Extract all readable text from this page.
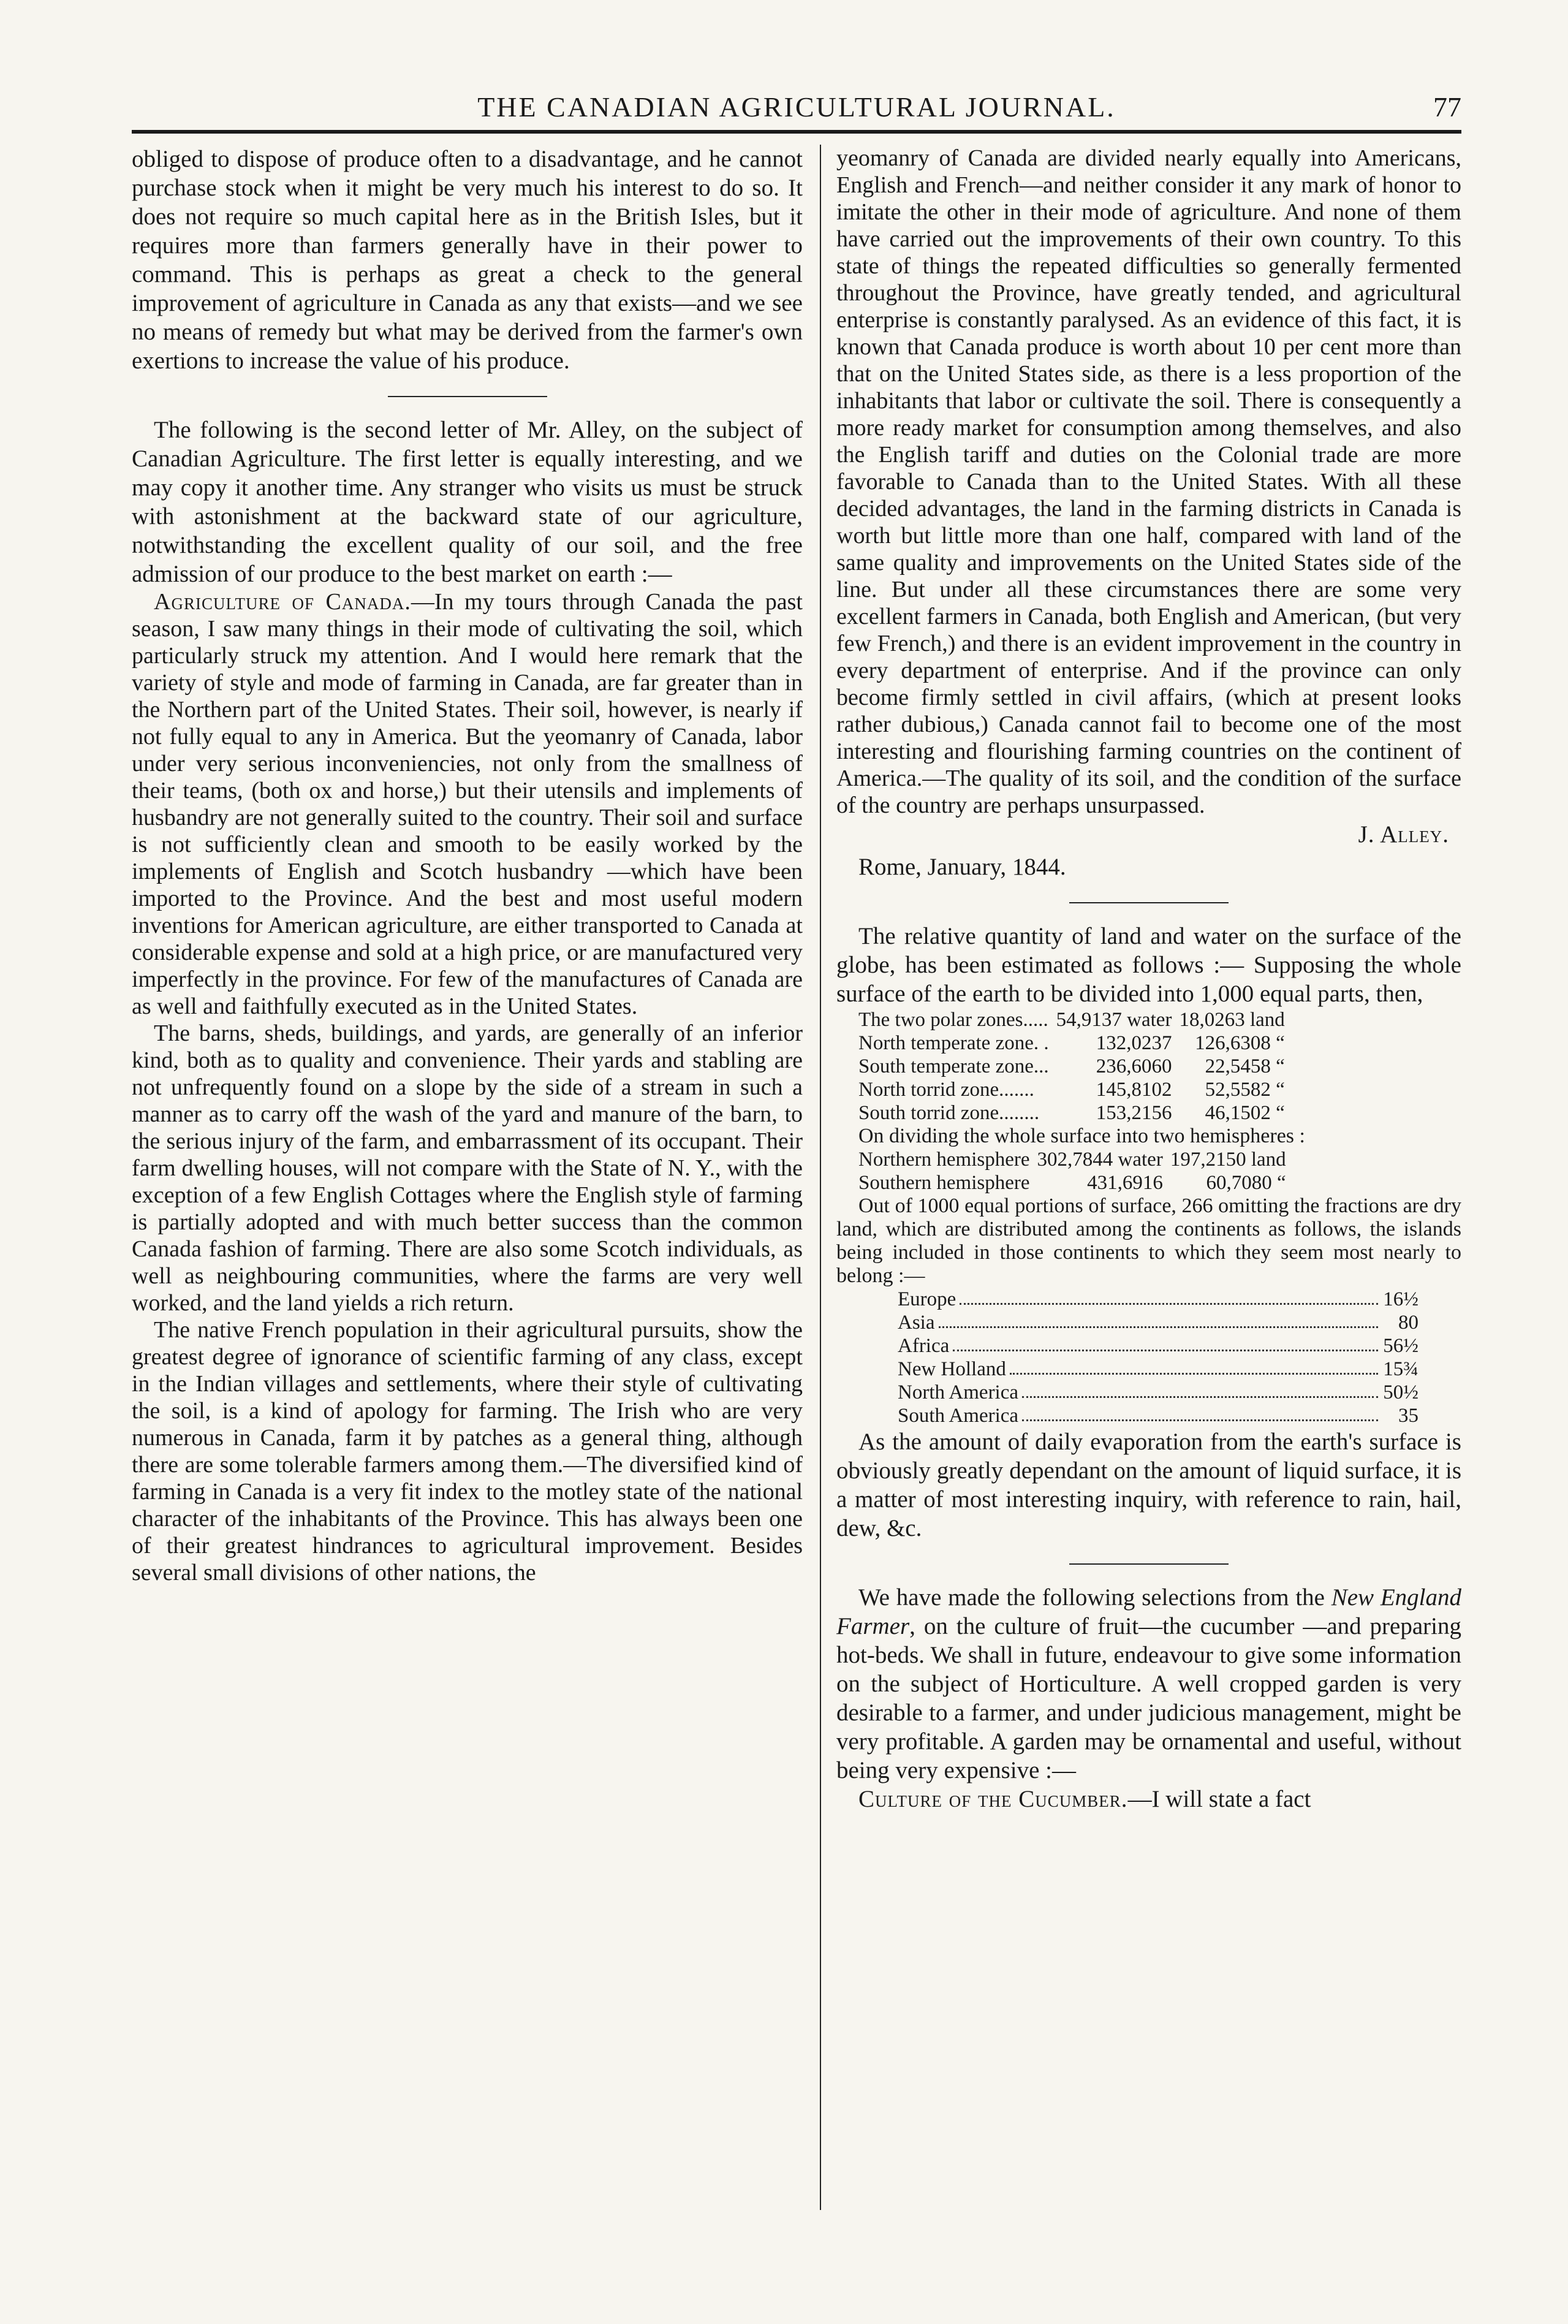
THE CANADIAN AGRICULTURAL JOURNAL.	77

obliged to dispose of produce often to a disadvantage, and he cannot purchase stock when it might be very much his interest to do so. It does not require so much capital here as in the British Isles, but it requires more than farmers generally have in their power to command. This is perhaps as great a check to the general improvement of agriculture in Canada as any that exists—and we see no means of remedy but what may be derived from the farmer's own exertions to increase the value of his produce.

The following is the second letter of Mr. Alley, on the subject of Canadian Agriculture. The first letter is equally interesting, and we may copy it another time. Any stranger who visits us must be struck with astonishment at the backward state of our agriculture, notwithstanding the excellent quality of our soil, and the free admission of our produce to the best market on earth :—

Agriculture of Canada.—In my tours through Canada the past season, I saw many things in their mode of cultivating the soil, which particularly struck my attention. And I would here remark that the variety of style and mode of farming in Canada, are far greater than in the Northern part of the United States. Their soil, however, is nearly if not fully equal to any in America. But the yeomanry of Canada, labor under very serious inconveniencies, not only from the smallness of their teams, (both ox and horse,) but their utensils and implements of husbandry are not generally suited to the country. Their soil and surface is not sufficiently clean and smooth to be easily worked by the implements of English and Scotch husbandry —which have been imported to the Province. And the best and most useful modern inventions for American agriculture, are either transported to Canada at considerable expense and sold at a high price, or are manufactured very imperfectly in the province. For few of the manufactures of Canada are as well and faithfully executed as in the United States.

The barns, sheds, buildings, and yards, are generally of an inferior kind, both as to quality and convenience. Their yards and stabling are not unfrequently found on a slope by the side of a stream in such a manner as to carry off the wash of the yard and manure of the barn, to the serious injury of the farm, and embarrassment of its occupant. Their farm dwelling houses, will not compare with the State of N. Y., with the exception of a few English Cottages where the English style of farming is partially adopted and with much better success than the common Canada fashion of farming. There are also some Scotch individuals, as well as neighbouring communities, where the farms are very well worked, and the land yields a rich return.

The native French population in their agricultural pursuits, show the greatest degree of ignorance of scientific farming of any class, except in the Indian villages and settlements, where their style of cultivating the soil, is a kind of apology for farming. The Irish who are very numerous in Canada, farm it by patches as a general thing, although there are some tolerable farmers among them.—The diversified kind of farming in Canada is a very fit index to the motley state of the national character of the inhabitants of the Province. This has always been one of their greatest hindrances to agricultural improvement. Besides several small divisions of other nations, the

yeomanry of Canada are divided nearly equally into Americans, English and French—and neither consider it any mark of honor to imitate the other in their mode of agriculture. And none of them have carried out the improvements of their own country. To this state of things the repeated difficulties so generally fermented throughout the Province, have greatly tended, and agricultural enterprise is constantly paralysed. As an evidence of this fact, it is known that Canada produce is worth about 10 per cent more than that on the United States side, as there is a less proportion of the inhabitants that labor or cultivate the soil. There is consequently a more ready market for consumption among themselves, and also the English tariff and duties on the Colonial trade are more favorable to Canada than to the United States. With all these decided advantages, the land in the farming districts in Canada is worth but little more than one half, compared with land of the same quality and improvements on the United States side of the line. But under all these circumstances there are some very excellent farmers in Canada, both English and American, (but very few French,) and there is an evident improvement in the country in every department of enterprise. And if the province can only become firmly settled in civil affairs, (which at present looks rather dubious,) Canada cannot fail to become one of the most interesting and flourishing farming countries on the continent of America.—The quality of its soil, and the condition of the surface of the country are perhaps unsurpassed.

J. Alley.
Rome, January, 1844.

The relative quantity of land and water on the surface of the globe, has been estimated as follows :— Supposing the whole surface of the earth to be divided into 1,000 equal parts, then,

The two polar zones.....	54,9137 water	18,0263 land
North temperate zone. .	132,0237	126,6308 “
South temperate zone...	236,6060	22,5458 “
North torrid zone.......	145,8102	52,5582 “
South torrid zone........	153,2156	46,1502 “
On dividing the whole surface into two hemispheres :
Northern hemisphere	302,7844 water	197,2150 land
Southern hemisphere	431,6916	60,7080 “

Out of 1000 equal portions of surface, 266 omitting the fractions are dry land, which are distributed among the continents as follows, the islands being included in those continents to which they seem most nearly to belong :—

Europe	16½
Asia	80
Africa	56½
New Holland	15¾
North America	50½
South America	35

As the amount of daily evaporation from the earth's surface is obviously greatly dependant on the amount of liquid surface, it is a matter of most interesting inquiry, with reference to rain, hail, dew, &c.

We have made the following selections from the New England Farmer, on the culture of fruit—the cucumber —and preparing hot-beds. We shall in future, endeavour to give some information on the subject of Horticulture. A well cropped garden is very desirable to a farmer, and under judicious management, might be very profitable. A garden may be ornamental and useful, without being very expensive :—

Culture of the Cucumber.—I will state a fact
